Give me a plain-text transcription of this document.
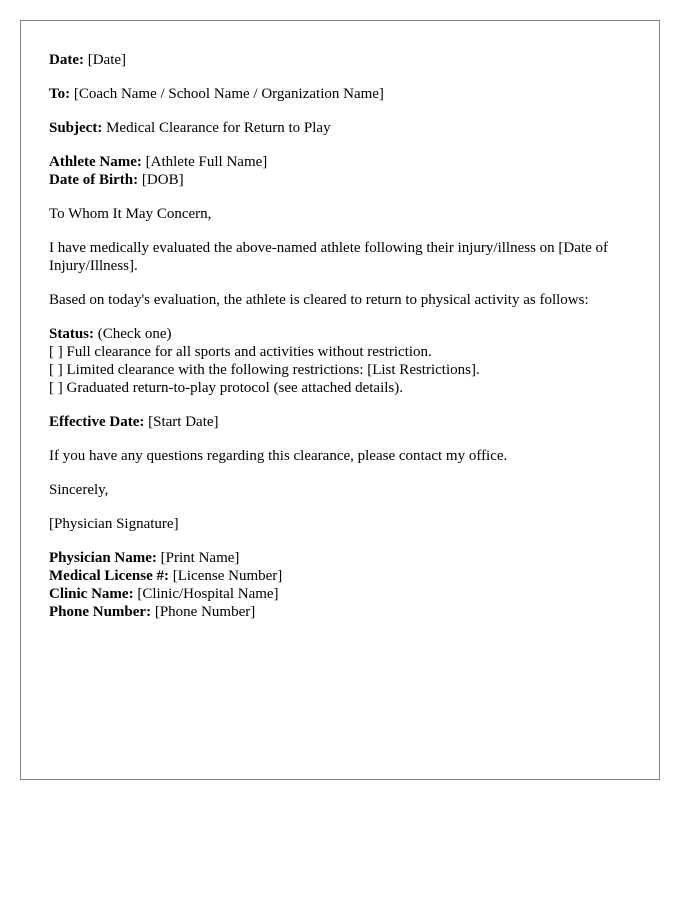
Date: [Date]

To: [Coach Name / School Name / Organization Name]

Subject: Medical Clearance for Return to Play

Athlete Name: [Athlete Full Name]
Date of Birth: [DOB]

To Whom It May Concern,

I have medically evaluated the above-named athlete following their injury/illness on [Date of Injury/Illness].

Based on today's evaluation, the athlete is cleared to return to physical activity as follows:

Status: (Check one)
[ ] Full clearance for all sports and activities without restriction.
[ ] Limited clearance with the following restrictions: [List Restrictions].
[ ] Graduated return-to-play protocol (see attached details).

Effective Date: [Start Date]

If you have any questions regarding this clearance, please contact my office.

Sincerely,

[Physician Signature]

Physician Name: [Print Name]
Medical License #: [License Number]
Clinic Name: [Clinic/Hospital Name]
Phone Number: [Phone Number]
